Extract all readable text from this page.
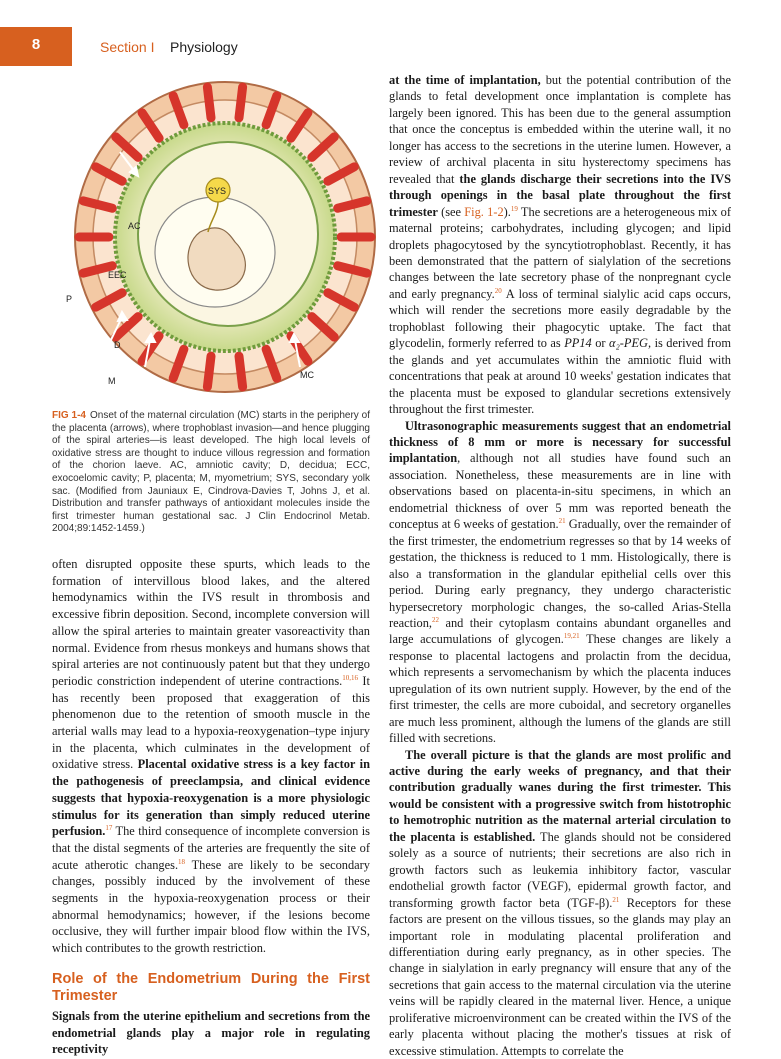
8	Section I Physiology
SYS
AC
EEC
P
D
M
MC
FIG 1-4 Onset of the maternal circulation (MC) starts in the periphery of the placenta (arrows), where trophoblast invasion—and hence plugging of the spiral arteries—is least developed. The high local levels of oxidative stress are thought to induce villous regression and formation of the chorion laeve. AC, amniotic cavity; D, decidua; ECC, exocoelomic cavity; P, placenta; M, myometrium; SYS, secondary yolk sac. (Modified from Jauniaux E, Cindrova-Davies T, Johns J, et al. Distribution and transfer pathways of antioxidant molecules inside the first trimester human gestational sac. J Clin Endocrinol Metab. 2004;89:1452-1459.)

often disrupted opposite these spurts, which leads to the formation of intervillous blood lakes, and the altered hemodynamics within the IVS result in thrombosis and excessive fibrin deposition. Second, incomplete conversion will allow the spiral arteries to maintain greater vasoreactivity than normal. Evidence from rhesus monkeys and humans shows that spiral arteries are not continuously patent but that they undergo periodic constriction independent of uterine contractions.$^{10,16}$ It has recently been proposed that exaggeration of this phenomenon due to the retention of smooth muscle in the arterial walls may lead to a hypoxia-reoxygenation–type injury in the placenta, which culminates in the development of oxidative stress. Placental oxidative stress is a key factor in the pathogenesis of preeclampsia, and clinical evidence suggests that hypoxia-reoxygenation is a more physiologic stimulus for its generation than simply reduced uterine perfusion.$^{17}$ The third consequence of incomplete conversion is that the distal segments of the arteries are frequently the site of acute atherotic changes.$^{18}$ These are likely to be secondary changes, possibly induced by the involvement of these segments in the hypoxia-reoxygenation process or their abnormal hemodynamics; however, if the lesions become occlusive, they will further impair blood flow within the IVS, which contributes to the growth restriction.

Role of the Endometrium During the First Trimester

Signals from the uterine epithelium and secretions from the endometrial glands play a major role in regulating receptivity

at the time of implantation, but the potential contribution of the glands to fetal development once implantation is complete has largely been ignored. This has been due to the general assumption that once the conceptus is embedded within the uterine wall, it no longer has access to the secretions in the uterine lumen. However, a review of archival placenta in situ hysterectomy specimens has revealed that the glands discharge their secretions into the IVS through openings in the basal plate throughout the first trimester (see Fig. 1-2).$^{19}$ The secretions are a heterogeneous mix of maternal proteins; carbohydrates, including glycogen; and lipid droplets phagocytosed by the syncytiotrophoblast. Recently, it has been demonstrated that the pattern of sialylation of the secretions changes between the late secretory phase of the nonpregnant cycle and early pregnancy.$^{20}$ A loss of terminal sialylic acid caps occurs, which will render the secretions more easily degradable by the trophoblast following their phagocytic uptake. The fact that glycodelin, formerly referred to as PP14 or α₂-PEG, is derived from the glands and yet accumulates within the amniotic fluid with concentrations that peak at around 10 weeks' gestation indicates that the placenta must be exposed to glandular secretions extensively throughout the first trimester.

Ultrasonographic measurements suggest that an endometrial thickness of 8 mm or more is necessary for successful implantation, although not all studies have found such an association. Nonetheless, these measurements are in line with observations based on placenta-in-situ specimens, in which an endometrial thickness of over 5 mm was reported beneath the conceptus at 6 weeks of gestation.$^{21}$ Gradually, over the remainder of the first trimester, the endometrium regresses so that by 14 weeks of gestation, the thickness is reduced to 1 mm. Histologically, there is also a transformation in the glandular epithelial cells over this period. During early pregnancy, they undergo characteristic hypersecretory morphologic changes, the so-called Arias-Stella reaction,$^{22}$ and their cytoplasm contains abundant organelles and large accumulations of glycogen.$^{19,21}$ These changes are likely a response to placental lactogens and prolactin from the decidua, which represents a servomechanism by which the placenta induces upregulation of its own nutrient supply. However, by the end of the first trimester, the cells are more cuboidal, and secretory organelles are much less prominent, although the lumens of the glands are still filled with secretions.

The overall picture is that the glands are most prolific and active during the early weeks of pregnancy, and that their contribution gradually wanes during the first trimester. This would be consistent with a progressive switch from histotrophic to hemotrophic nutrition as the maternal arterial circulation to the placenta is established. The glands should not be considered solely as a source of nutrients; their secretions are also rich in growth factors such as leukemia inhibitory factor, vascular endothelial growth factor (VEGF), epidermal growth factor, and transforming growth factor beta (TGF-β).$^{21}$ Receptors for these factors are present on the villous tissues, so the glands may play an important role in modulating placental proliferation and differentiation during early pregnancy, as in other species. The change in sialylation in early pregnancy will ensure that any of the secretions that gain access to the maternal circulation via the uterine veins will be rapidly cleared in the maternal liver. Hence, a unique proliferative microenvironment can be created within the IVS of the early placenta without placing the mother's tissues at risk of excessive stimulation. Attempts to correlate the
